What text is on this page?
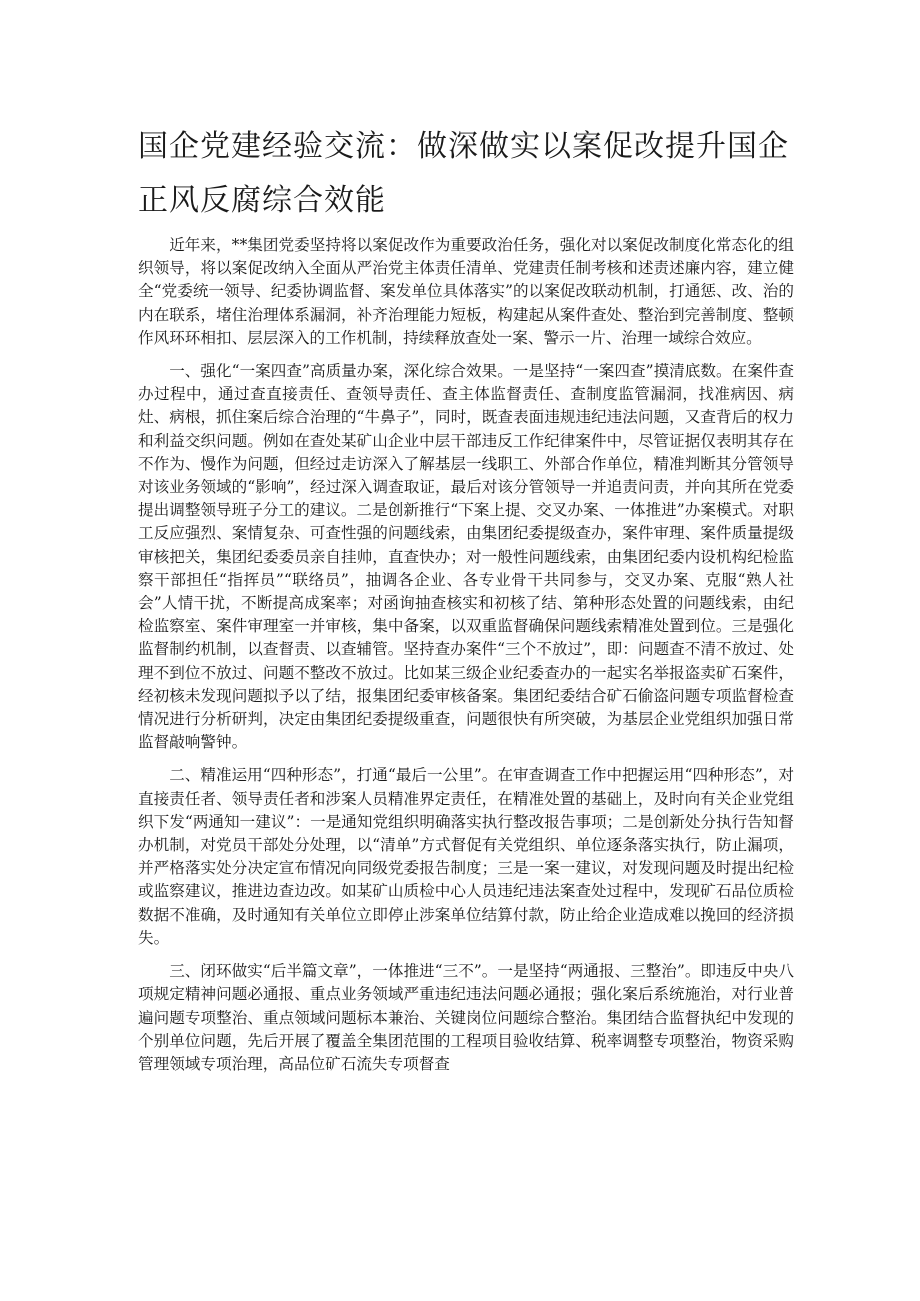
国企党建经验交流：做深做实以案促改提升国企正风反腐综合效能

近年来，**集团党委坚持将以案促改作为重要政治任务，强化对以案促改制度化常态化的组织领导，将以案促改纳入全面从严治党主体责任清单、党建责任制考核和述责述廉内容，建立健全“党委统一领导、纪委协调监督、案发单位具体落实”的以案促改联动机制，打通惩、改、治的内在联系，堵住治理体系漏洞，补齐治理能力短板，构建起从案件查处、整治到完善制度、整顿作风环环相扣、层层深入的工作机制，持续释放查处一案、警示一片、治理一域综合效应。

一、强化“一案四查”高质量办案，深化综合效果。一是坚持“一案四查”摸清底数。在案件查办过程中，通过查直接责任、查领导责任、查主体监督责任、查制度监管漏洞，找准病因、病灶、病根，抓住案后综合治理的“牛鼻子”，同时，既查表面违规违纪违法问题，又查背后的权力和利益交织问题。例如在查处某矿山企业中层干部违反工作纪律案件中，尽管证据仅表明其存在不作为、慢作为问题，但经过走访深入了解基层一线职工、外部合作单位，精准判断其分管领导对该业务领域的“影响”，经过深入调查取证，最后对该分管领导一并追责问责，并向其所在党委提出调整领导班子分工的建议。二是创新推行“下案上提、交叉办案、一体推进”办案模式。对职工反应强烈、案情复杂、可查性强的问题线索，由集团纪委提级查办，案件审理、案件质量提级审核把关，集团纪委委员亲自挂帅，直查快办；对一般性问题线索，由集团纪委内设机构纪检监察干部担任“指挥员”“联络员”，抽调各企业、各专业骨干共同参与，交叉办案、克服“熟人社会”人情干扰，不断提高成案率；对函询抽查核实和初核了结、第种形态处置的问题线索，由纪检监察室、案件审理室一并审核，集中备案，以双重监督确保问题线索精准处置到位。三是强化监督制约机制，以查督责、以查辅管。坚持查办案件“三个不放过”，即：问题查不清不放过、处理不到位不放过、问题不整改不放过。比如某三级企业纪委查办的一起实名举报盗卖矿石案件，经初核未发现问题拟予以了结，报集团纪委审核备案。集团纪委结合矿石偷盗问题专项监督检查情况进行分析研判，决定由集团纪委提级重查，问题很快有所突破，为基层企业党组织加强日常监督敲响警钟。

二、精准运用“四种形态”，打通“最后一公里”。在审查调查工作中把握运用“四种形态”，对直接责任者、领导责任者和涉案人员精准界定责任，在精准处置的基础上，及时向有关企业党组织下发“两通知一建议”：一是通知党组织明确落实执行整改报告事项；二是创新处分执行告知督办机制，对党员干部处分处理，以“清单”方式督促有关党组织、单位逐条落实执行，防止漏项，并严格落实处分决定宣布情况向同级党委报告制度；三是一案一建议，对发现问题及时提出纪检或监察建议，推进边查边改。如某矿山质检中心人员违纪违法案查处过程中，发现矿石品位质检数据不准确，及时通知有关单位立即停止涉案单位结算付款，防止给企业造成难以挽回的经济损失。

三、闭环做实“后半篇文章”，一体推进“三不”。一是坚持“两通报、三整治”。即违反中央八项规定精神问题必通报、重点业务领域严重违纪违法问题必通报；强化案后系统施治，对行业普遍问题专项整治、重点领域问题标本兼治、关键岗位问题综合整治。集团结合监督执纪中发现的个别单位问题，先后开展了覆盖全集团范围的工程项目验收结算、税率调整专项整治，物资采购管理领域专项治理，高品位矿石流失专项督查
